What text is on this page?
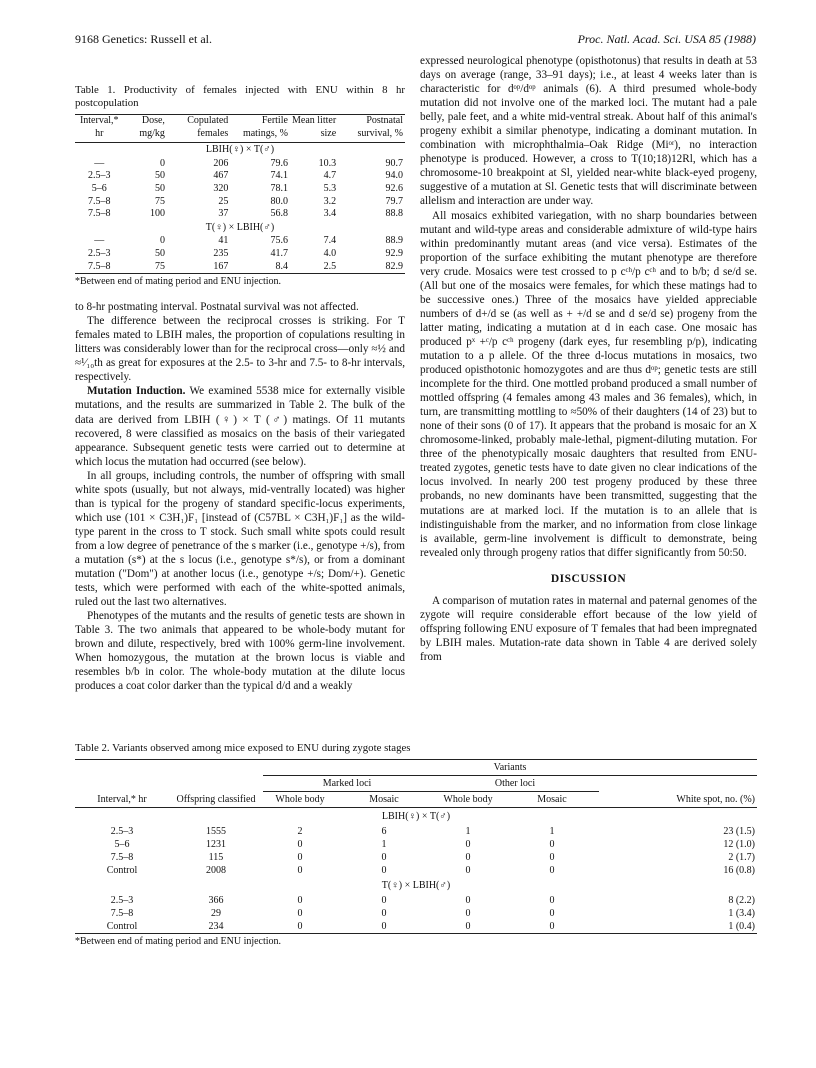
9168 Genetics: Russell et al.	Proc. Natl. Acad. Sci. USA 85 (1988)
Table 1. Productivity of females injected with ENU within 8 hr postcopulation
Interval,* hr	Dose, mg/kg	Copulated females	Fertile matings, %	Mean litter size	Postnatal survival, %
LBIH(♀) × T(♂)					
—	0	206	79.6	10.3	90.7
2.5–3	50	467	74.1	4.7	94.0
5–6	50	320	78.1	5.3	92.6
7.5–8	75	25	80.0	3.2	79.7
7.5–8	100	37	56.8	3.4	88.8
T(♀) × LBIH(♂)					
—	0	41	75.6	7.4	88.9
2.5–3	50	235	41.7	4.0	92.9
7.5–8	75	167	8.4	2.5	82.9
*Between end of mating period and ENU injection.

to 8-hr postmating interval. Postnatal survival was not affected.

The difference between the reciprocal crosses is striking. For T females mated to LBIH males, the proportion of copulations resulting in litters was considerably lower than for the reciprocal cross—only ≈½ and ≈¹⁄₁₀th as great for exposures at the 2.5- to 3-hr and 7.5- to 8-hr intervals, respectively.

Mutation Induction. We examined 5538 mice for externally visible mutations, and the results are summarized in Table 2. The bulk of the data are derived from LBIH (♀) × T (♂) matings. Of 11 mutants recovered, 8 were classified as mosaics on the basis of their variegated appearance. Subsequent genetic tests were carried out to determine at which locus the mutation had occurred (see below).

In all groups, including controls, the number of offspring with small white spots (usually, but not always, mid-ventrally located) was higher than is typical for the progeny of standard specific-locus experiments, which use (101 × C3H₁)F₁ [instead of (C57BL × C3H₁)F₁] as the wild-type parent in the cross to T stock. Such small white spots could result from a low degree of penetrance of the s marker (i.e., genotype +/s), from a mutation (s*) at the s locus (i.e., genotype s*/s), or from a dominant mutation ("Dom") at another locus (i.e., genotype +/s; Dom/+). Genetic tests, which were performed with each of the white-spotted animals, ruled out the last two alternatives.

Phenotypes of the mutants and the results of genetic tests are shown in Table 3. The two animals that appeared to be whole-body mutant for brown and dilute, respectively, bred with 100% germ-line involvement. When homozygous, the mutation at the brown locus is viable and resembles b/b in color. The whole-body mutation at the dilute locus produces a coat color darker than the typical d/d and a weakly

expressed neurological phenotype (opisthotonus) that results in death at 53 days on average (range, 33–91 days); i.e., at least 4 weeks later than is characteristic for dᵒᵖ/dᵒᵖ animals (6). A third presumed whole-body mutation did not involve one of the marked loci. The mutant had a pale belly, pale feet, and a white mid-ventral streak. About half of this animal's progeny exhibit a similar phenotype, indicating a dominant mutation. In combination with microphthalmia–Oak Ridge (Miᵒʳ), no interaction phenotype is produced. However, a cross to T(10;18)12Rl, which has a chromosome-10 breakpoint at Sl, yielded near-white black-eyed progeny, suggestive of a mutation at Sl. Genetic tests that will discriminate between allelism and interaction are under way.

All mosaics exhibited variegation, with no sharp boundaries between mutant and wild-type areas and considerable admixture of wild-type hairs within predominantly mutant areas (and vice versa). Estimates of the proportion of the surface exhibiting the mutant phenotype are therefore very crude. Mosaics were test crossed to p cᶜʰ/p cᶜʰ and to b/b; d se/d se. (All but one of the mosaics were females, for which these matings had to be successive ones.) Three of the mosaics have yielded appreciable numbers of d+/d se (as well as + +/d se and d se/d se) progeny from the latter mating, indicating a mutation at d in each case. One mosaic has produced pˣ +ᶜ/p cᶜʰ progeny (dark eyes, fur resembling p/p), indicating mutation to a p allele. Of the three d-locus mutations in mosaics, two produced opisthotonic homozygotes and are thus dᵒᵖ; genetic tests are still incomplete for the third. One mottled proband produced a small number of mottled offspring (4 females among 43 males and 36 females), which, in turn, are transmitting mottling to ≈50% of their daughters (14 of 23) but to none of their sons (0 of 17). It appears that the proband is mosaic for an X chromosome-linked, probably male-lethal, pigment-diluting mutation. For three of the phenotypically mosaic daughters that resulted from ENU-treated zygotes, genetic tests have to date given no clear indications of the locus involved. In nearly 200 test progeny produced by these three probands, no new dominants have been transmitted, suggesting that the mutations are at marked loci. If the mutation is to an allele that is indistinguishable from the marker, and no information from close linkage is available, germ-line involvement is difficult to demonstrate, being revealed only through progeny ratios that differ significantly from 50:50.

DISCUSSION

A comparison of mutation rates in maternal and paternal genomes of the zygote will require considerable effort because of the low yield of offspring following ENU exposure of T females that had been impregnated by LBIH males. Mutation-rate data shown in Table 4 are derived solely from

Table 2. Variants observed among mice exposed to ENU during zygote stages
Interval,* hr	Offspring classified	Variants				
		Marked loci		Other loci		
		Whole body	Mosaic	Whole body	Mosaic	White spot, no. (%)
LBIH(♀) × T(♂)						
2.5–3	1555	2	6	1	1	23 (1.5)
5–6	1231	0	1	0	0	12 (1.0)
7.5–8	115	0	0	0	0	2 (1.7)
Control	2008	0	0	0	0	16 (0.8)
T(♀) × LBIH(♂)						
2.5–3	366	0	0	0	0	8 (2.2)
7.5–8	29	0	0	0	0	1 (3.4)
Control	234	0	0	0	0	1 (0.4)
*Between end of mating period and ENU injection.
